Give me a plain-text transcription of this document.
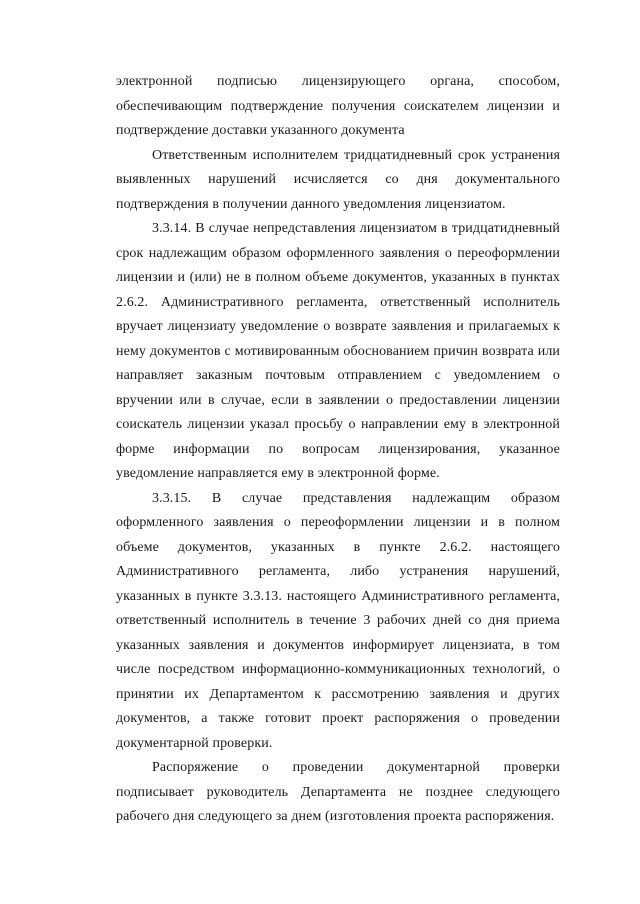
электронной подписью лицензирующего органа, способом, обеспечивающим подтверждение получения соискателем лицензии и подтверждение доставки указанного документа

Ответственным исполнителем тридцатидневный срок устранения выявленных нарушений исчисляется со дня документального подтверждения в получении данного уведомления лицензиатом.

3.3.14. В случае непредставления лицензиатом в тридцатидневный срок надлежащим образом оформленного заявления о переоформлении лицензии и (или) не в полном объеме документов, указанных в пунктах 2.6.2. Административного регламента, ответственный исполнитель вручает лицензиату уведомление о возврате заявления и прилагаемых к нему документов с мотивированным обоснованием причин возврата или направляет заказным почтовым отправлением с уведомлением о вручении или в случае, если в заявлении о предоставлении лицензии соискатель лицензии указал просьбу о направлении ему в электронной форме информации по вопросам лицензирования, указанное уведомление направляется ему в электронной форме.

3.3.15. В случае представления надлежащим образом оформленного заявления о переоформлении лицензии и в полном объеме документов, указанных в пункте 2.6.2. настоящего Административного регламента, либо устранения нарушений, указанных в пункте 3.3.13. настоящего Административного регламента, ответственный исполнитель в течение 3 рабочих дней со дня приема указанных заявления и документов информирует лицензиата, в том числе посредством информационно-коммуникационных технологий, о принятии их Департаментом к рассмотрению заявления и других документов, а также готовит проект распоряжения о проведении документарной проверки.

Распоряжение о проведении документарной проверки подписывает руководитель Департамента не позднее следующего рабочего дня следующего за днем (изготовления проекта распоряжения.
